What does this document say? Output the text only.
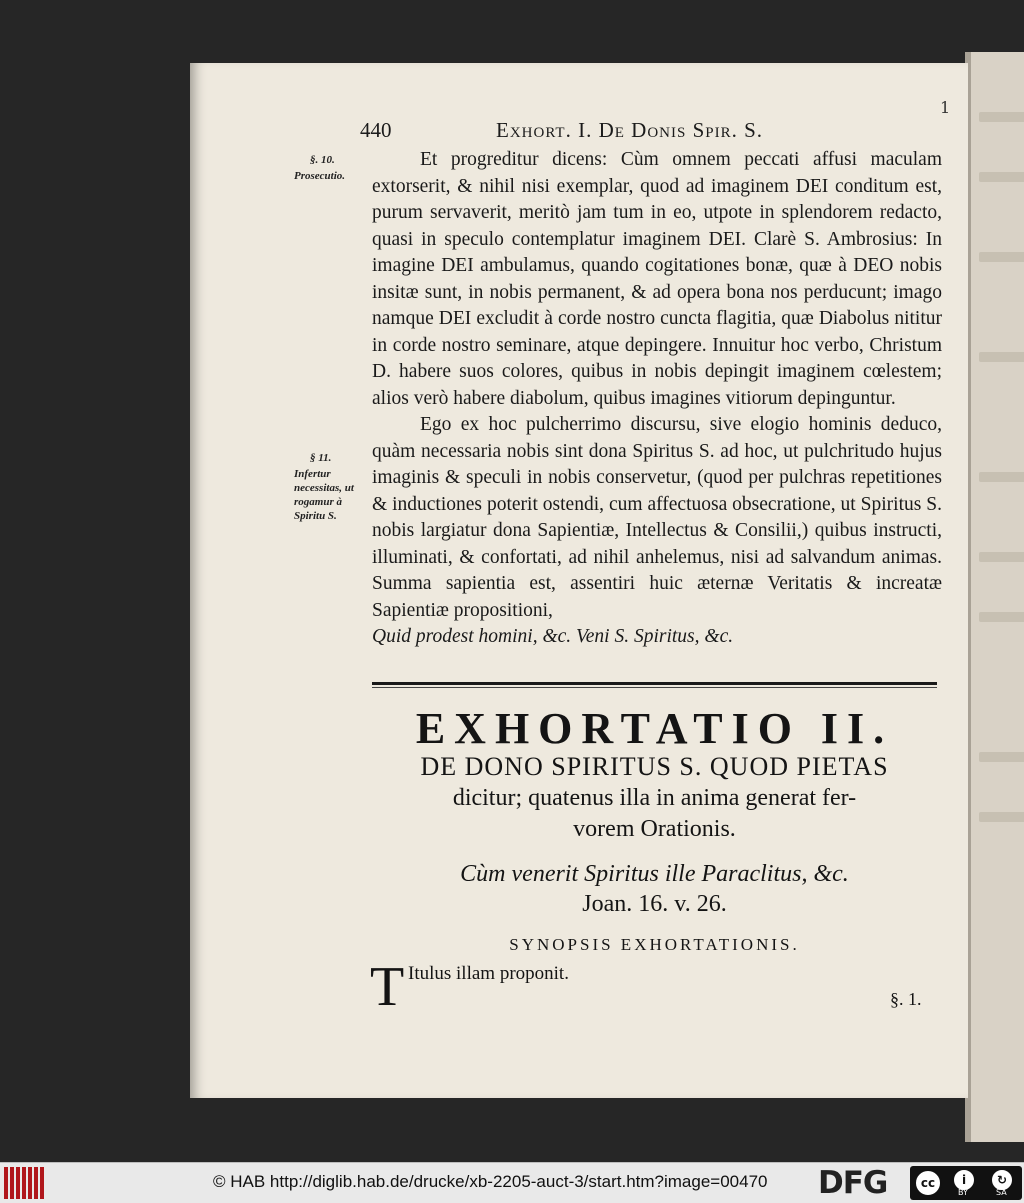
440	Exhort. I. De Donis Spir. S.
1
§. 10.
Prosecutio.
§ 11.
Infertur necessitas, ut rogamur à Spiritu S.

Et progreditur dicens: Cùm omnem peccati affusi maculam extorserit, & nihil nisi exemplar, quod ad imaginem DEI conditum est, purum servaverit, meritò jam tum in eo, utpote in splendorem redacto, quasi in speculo contemplatur imaginem DEI. Clarè S. Ambrosius: In imagine DEI ambulamus, quando cogitationes bonæ, quæ à DEO nobis insitæ sunt, in nobis permanent, & ad opera bona nos perducunt; imago namque DEI excludit à corde nostro cuncta flagitia, quæ Diabolus nititur in corde nostro seminare, atque depingere. Innuitur hoc verbo, Christum D. habere suos colores, quibus in nobis depingit imaginem cœlestem; alios verò habere diabolum, quibus imagines vitiorum depinguntur.

Ego ex hoc pulcherrimo discursu, sive elogio hominis deduco, quàm necessaria nobis sint dona Spiritus S. ad hoc, ut pulchritudo hujus imaginis & speculi in nobis conservetur, (quod per pulchras repetitiones & inductiones poterit ostendi, cum affectuosa obsecratione, ut Spiritus S. nobis largiatur dona Sapientiæ, Intellectus & Consilii,) quibus instructi, illuminati, & confortati, ad nihil anhelemus, nisi ad salvandum animas. Summa sapientia est, assentiri huic æternæ Veritatis & increatæ Sapientiæ propositioni,

Quid prodest homini, &c. Veni S. Spiritus, &c.

EXHORTATIO II.
DE DONO SPIRITUS S. QUOD PIETAS
dicitur; quatenus illa in anima generat fer-
vorem Orationis.
Cùm venerit Spiritus ille Paraclitus, &c.
Joan. 16. v. 26.
SYNOPSIS EXHORTATIONIS.
T Itulus illam proponit.
§. 1.
© HAB http://diglib.hab.de/drucke/xb-2205-auct-3/start.htm?image=00470 DFG	cc	i	↻
BY	SA
